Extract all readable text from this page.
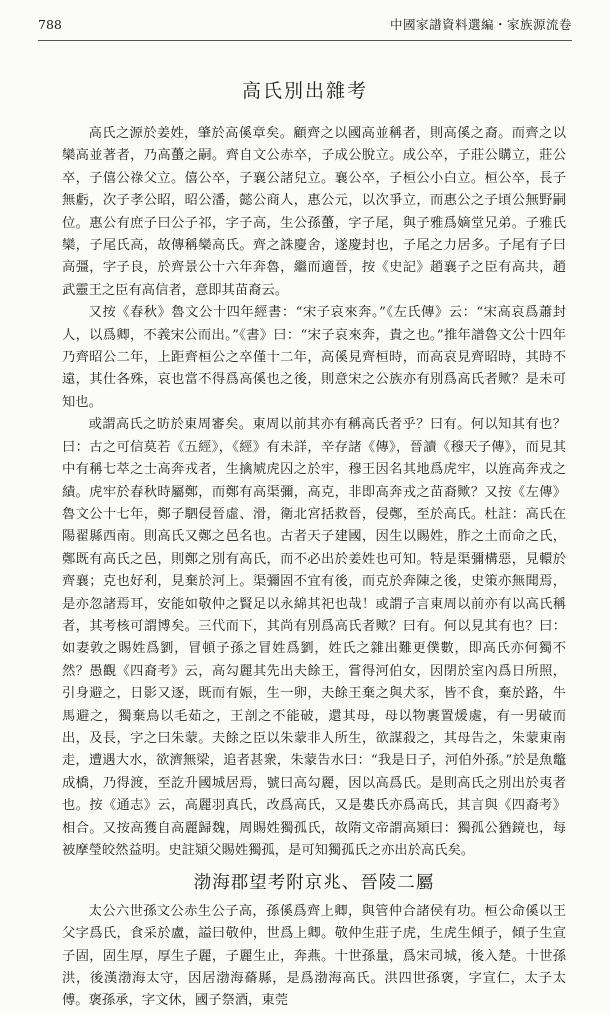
788	中國家譜資料選編・家族源流卷
高氏別出雜考

高氏之源於姜姓，肇於高傒章矣。顧齊之以國高並稱者，則高傒之裔。而齊之以欒高並著者，乃高蠆之嗣。齊自文公赤卒，子成公脫立。成公卒，子莊公購立，莊公卒，子僖公祿父立。僖公卒，子襄公諸兒立。襄公卒，子桓公小白立。桓公卒，長子無虧，次子孝公昭，昭公潘，懿公商人，惠公元，以次爭立，而惠公之子頃公無野嗣位。惠公有庶子曰公子祁，字子高，生公孫蠆，字子尾，與子雅爲嫡堂兄弟。子雅氏欒，子尾氏高，故傳稱欒高氏。齊之誅慶舍，遂慶封也，子尾之力居多。子尾有子曰高彊，字子良，於齊景公十六年奔魯，繼而適晉，按《史記》趙襄子之臣有高共，趙武靈王之臣有高信者，意即其苗裔云。

又按《春秋》魯文公十四年經書：“宋子哀來奔。”《左氏傳》云：“宋高哀爲蕭封人，以爲卿，不義宋公而出。”《書》曰：“宋子哀來奔，貴之也。”推年譜魯文公十四年乃齊昭公二年，上距齊桓公之卒僅十二年，高傒見齊桓時，而高哀見齊昭時，其時不遠，其仕各殊，哀也當不得爲高傒也之後，則意宋之公族亦有別爲高氏者歟？是未可知也。

或謂高氏之昉於東周審矣。東周以前其亦有稱高氏者乎？曰有。何以知其有也？曰：古之可信莫若《五經》，《經》有未詳，辛存諸《傳》，晉讀《穆天子傳》，而見其中有稱七萃之士高奔戎者，生擒虓虎囚之於牢，穆王因名其地爲虎牢，以旌高奔戎之績。虎牢於春秋時屬鄭，而鄭有高渠彌，高克，非即高奔戎之苗裔歟？又按《左傳》魯文公十七年，鄭子駟侵晉虛、滑，衛北宮括救晉，侵鄭，至於高氏。杜註：高氏在陽翟縣西南。則高氏又鄭之邑名也。古者天子建國，因生以賜姓，胙之土而命之氏，鄭既有高氏之邑，則鄭之別有高氏，而不必出於姜姓也可知。特是渠彌構惡，見轘於齊襄；克也好利，見棄於河上。渠彌固不宜有後，而克於奔陳之後，史策亦無聞焉，是亦忽諸焉耳，安能如敬仲之賢足以永綿其祀也哉！或謂子言東周以前亦有以高氏稱者，其考核可謂博矣。三代而下，其尚有別爲高氏者歟？曰有。何以見其有也？曰：如妻敦之賜姓爲劉，冒頓子孫之冒姓爲劉，姓氏之雜出難更僕數，即高氏亦何獨不然？愚觀《四裔考》云，高勾麗其先出夫餘王，嘗得河伯女，因閉於室內爲日所照，引身避之，日影又逐，既而有娠，生一卵，夫餘王棄之與犬豕，皆不食，棄於路，牛馬避之，獨棄鳥以毛茹之，王剖之不能破，還其母，母以物裹置煖處，有一男破而出，及長，字之曰朱蒙。夫餘之臣以朱蒙非人所生，欲謀殺之，其母告之，朱蒙東南走，遭遇大水，欲濟無梁，追者甚衆，朱蒙告水曰：“我是日子，河伯外孫。”於是魚鼈成橋，乃得渡，至訖升國城居焉，號曰高勾麗，因以高爲氏。是則高氏之別出於夷者也。按《通志》云，高麗羽真氏，改爲高氏，又是婁氏亦爲高氏，其言與《四裔考》相合。又按高獲自高麗歸魏，周賜姓獨孤氏，故隋文帝謂高熲曰：獨孤公猶鏡也，每被摩瑩皎然益明。史註熲父賜姓獨孤，是可知獨孤氏之亦出於高氏矣。

渤海郡望考附京兆、晉陵二屬

太公六世孫文公赤生公子高，孫傒爲齊上卿，與管仲合諸侯有功。桓公命傒以王父字爲氏，食采於盧，謚曰敬仲，世爲上卿。敬仲生莊子虎，生虎生傾子，傾子生宣子固，固生厚，厚生子麗，子麗生止，奔燕。十世孫量，爲宋司城，後入楚。十世孫洪，後漢渤海太守，因居渤海蓨縣，是爲渤海高氏。洪四世孫褒，字宣仁，太子太傅。褒孫承，字文休，國子祭酒，東莞
